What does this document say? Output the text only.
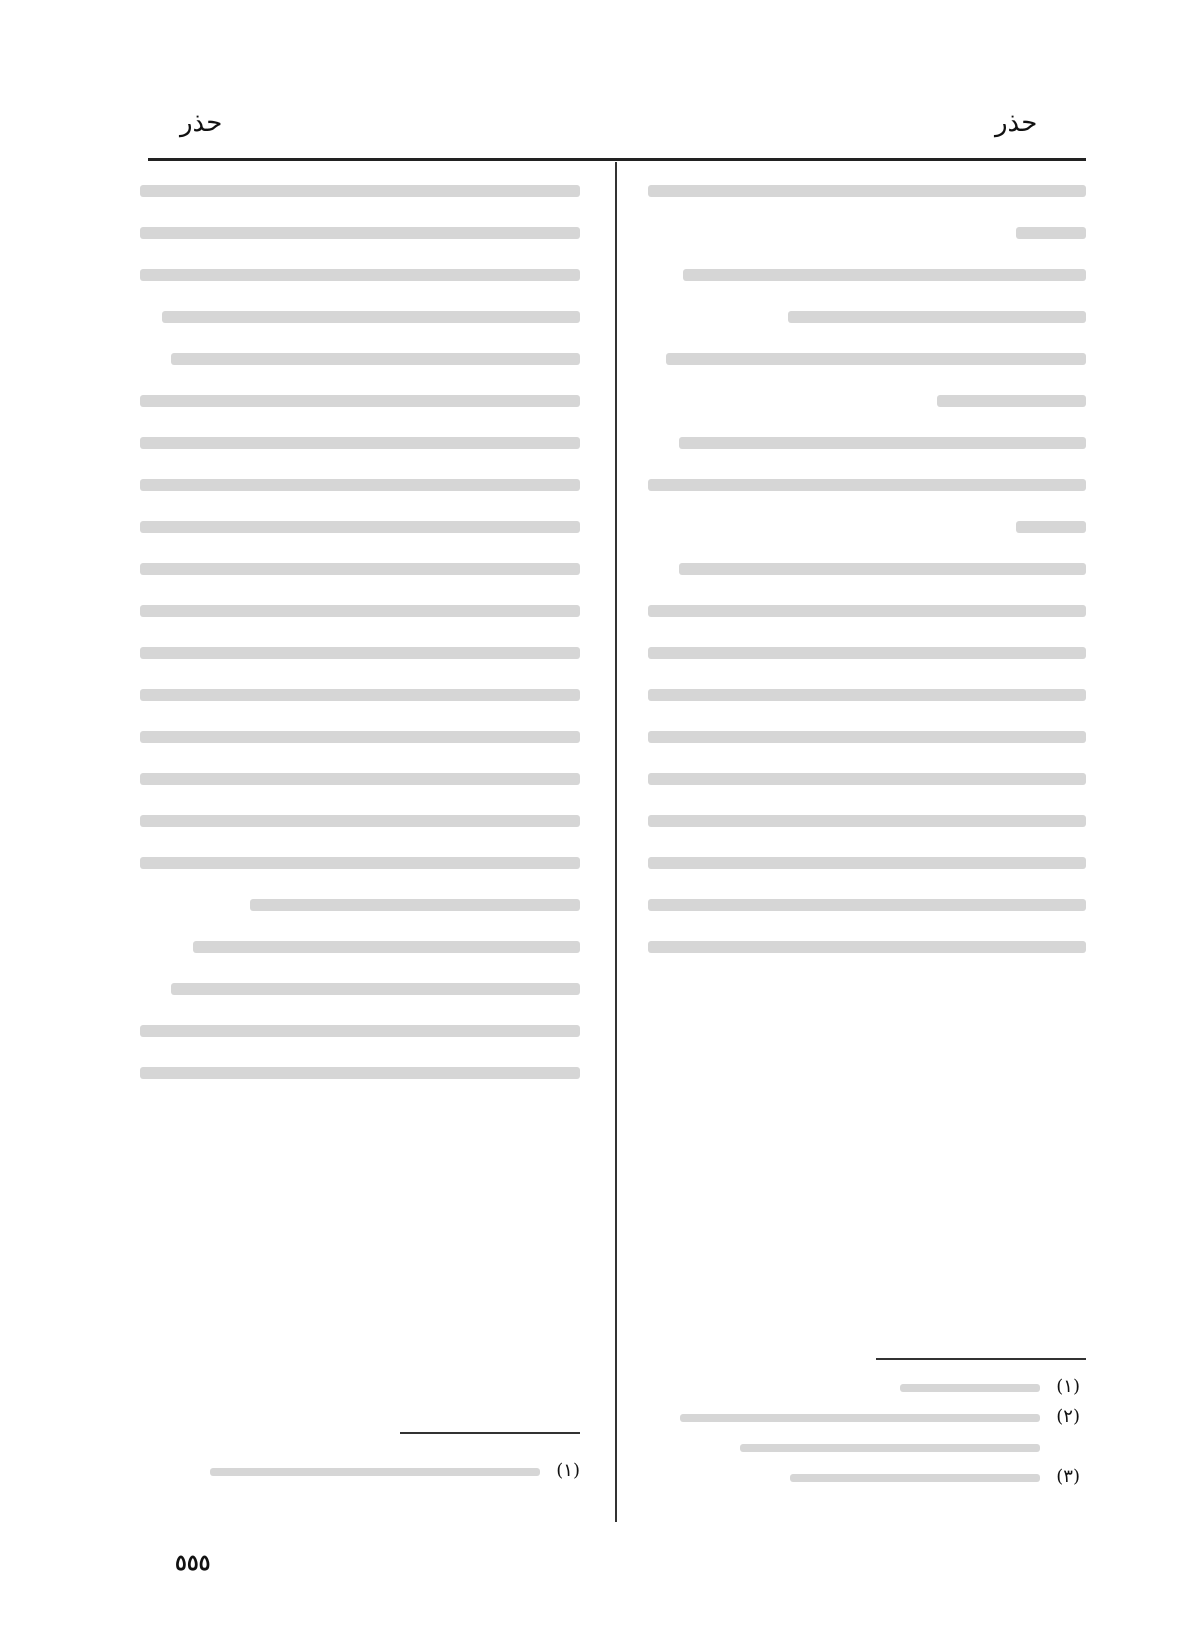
حذر
حذر
(١)
(٢)
(٣)
(١)
٥٥٥
